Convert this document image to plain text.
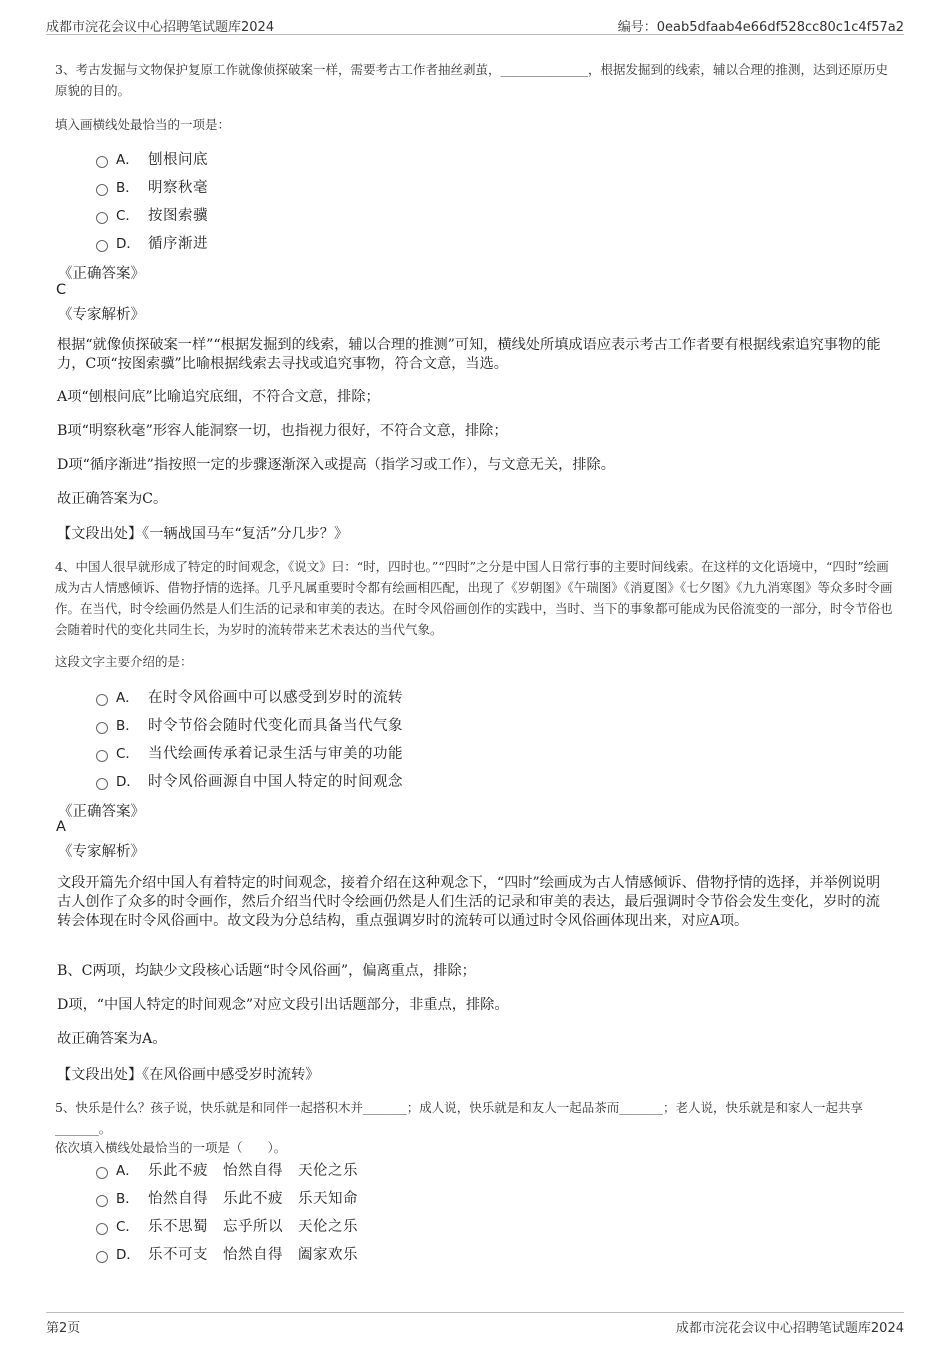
成都市浣花会议中心招聘笔试题库2024	编号：0eab5dfaab4e66df528cc80c1c4f57a2
3、考古发掘与文物保护复原工作就像侦探破案一样，需要考古工作者抽丝剥茧，______________，根据发掘到的线索，辅以合理的推测，达到还原历史原貌的目的。
填入画横线处最恰当的一项是：
A． 刨根问底
B． 明察秋毫
C． 按图索骥
D． 循序渐进
《正确答案》
C
《专家解析》
根据“就像侦探破案一样”“根据发掘到的线索，辅以合理的推测”可知，横线处所填成语应表示考古工作者要有根据线索追究事物的能力，C项“按图索骥”比喻根据线索去寻找或追究事物，符合文意，当选。
A项“刨根问底”比喻追究底细，不符合文意，排除；
B项“明察秋毫”形容人能洞察一切，也指视力很好，不符合文意，排除；
D项“循序渐进”指按照一定的步骤逐渐深入或提高（指学习或工作），与文意无关，排除。
故正确答案为C。
【文段出处】《一辆战国马车“复活”分几步？》
4、中国人很早就形成了特定的时间观念，《说文》曰：“时，四时也。”“四时”之分是中国人日常行事的主要时间线索。在这样的文化语境中，“四时”绘画成为古人情感倾诉、借物抒情的选择。几乎凡属重要时令都有绘画相匹配，出现了《岁朝图》《午瑞图》《消夏图》《七夕图》《九九消寒图》等众多时令画作。在当代，时令绘画仍然是人们生活的记录和审美的表达。在时令风俗画创作的实践中，当时、当下的事象都可能成为民俗流变的一部分，时令节俗也会随着时代的变化共同生长，为岁时的流转带来艺术表达的当代气象。
这段文字主要介绍的是：
A． 在时令风俗画中可以感受到岁时的流转
B． 时令节俗会随时代变化而具备当代气象
C． 当代绘画传承着记录生活与审美的功能
D． 时令风俗画源自中国人特定的时间观念
《正确答案》
A
《专家解析》
文段开篇先介绍中国人有着特定的时间观念，接着介绍在这种观念下，“四时”绘画成为古人情感倾诉、借物抒情的选择，并举例说明古人创作了众多的时令画作，然后介绍当代时令绘画仍然是人们生活的记录和审美的表达，最后强调时令节俗会发生变化，岁时的流转会体现在时令风俗画中。故文段为分总结构，重点强调岁时的流转可以通过时令风俗画体现出来，对应A项。
B、C两项，均缺少文段核心话题“时令风俗画”，偏离重点，排除；
D项，“中国人特定的时间观念”对应文段引出话题部分，非重点，排除。
故正确答案为A。
【文段出处】《在风俗画中感受岁时流转》
5、快乐是什么？孩子说，快乐就是和同伴一起搭积木并_______；成人说，快乐就是和友人一起品茶而_______；老人说，快乐就是和家人一起共享_______。
依次填入横线处最恰当的一项是（　　）。
A． 乐此不疲　怡然自得　天伦之乐
B． 怡然自得　乐此不疲　乐天知命
C． 乐不思蜀　忘乎所以　天伦之乐
D． 乐不可支　怡然自得　阖家欢乐
第2页	成都市浣花会议中心招聘笔试题库2024
